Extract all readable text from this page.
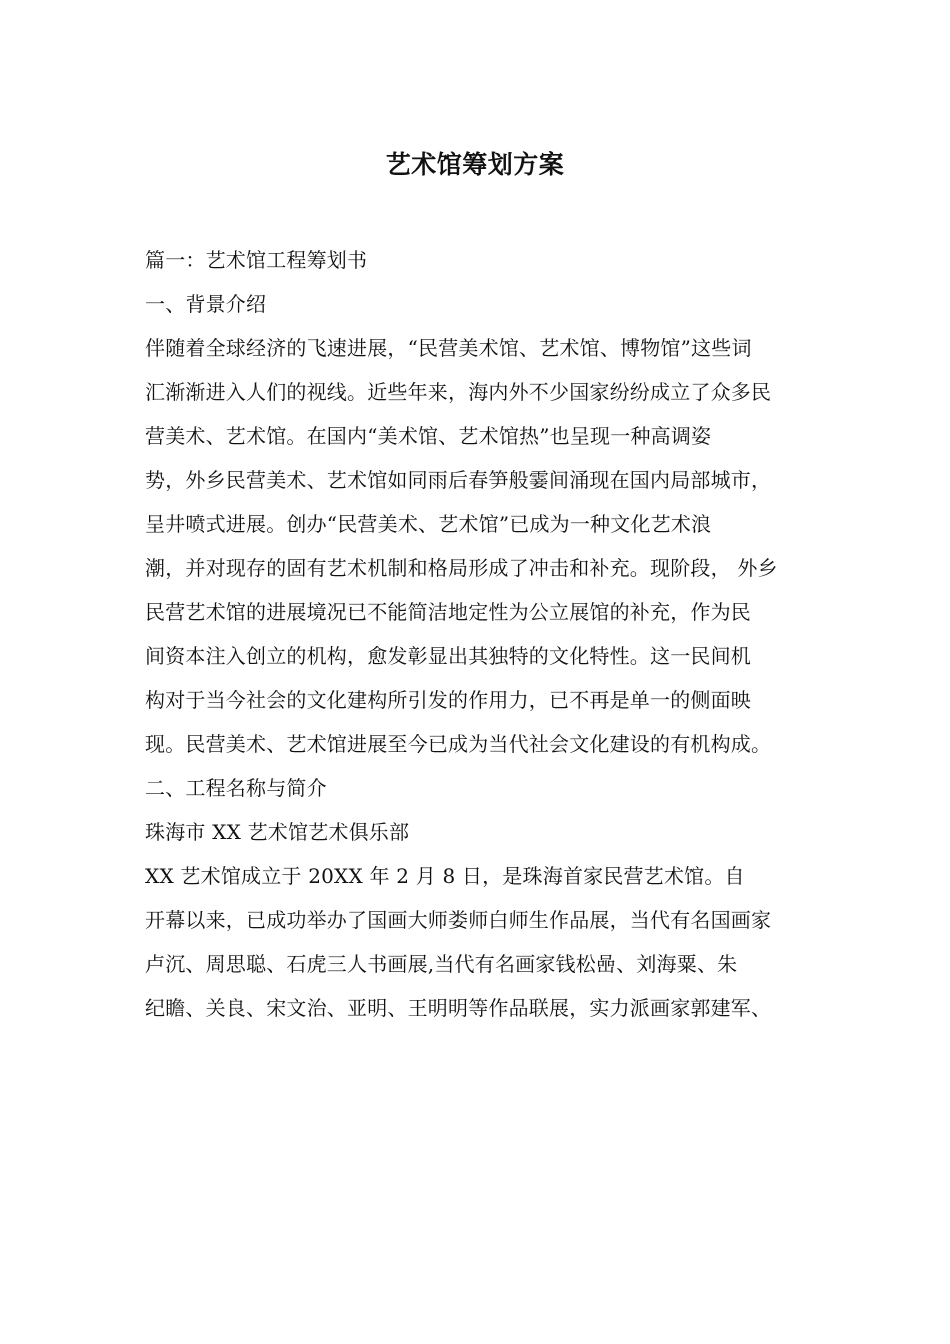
艺术馆筹划方案
篇一：艺术馆工程筹划书
一、背景介绍
伴随着全球经济的飞速进展，“民营美术馆、艺术馆、博物馆”这些词
汇渐渐进入人们的视线。近些年来，海内外不少国家纷纷成立了众多民
营美术、艺术馆。在国内“美术馆、艺术馆热”也呈现一种高调姿
势，外乡民营美术、艺术馆如同雨后春笋般霎间涌现在国内局部城市，
呈井喷式进展。创办“民营美术、艺术馆”已成为一种文化艺术浪
潮，并对现存的固有艺术机制和格局形成了冲击和补充。现阶段， 外乡
民营艺术馆的进展境况已不能简洁地定性为公立展馆的补充，作为民
间资本注入创立的机构，愈发彰显出其独特的文化特性。这一民间机
构对于当今社会的文化建构所引发的作用力，已不再是单一的侧面映
现。民营美术、艺术馆进展至今已成为当代社会文化建设的有机构成。
二、工程名称与简介
珠海市 XX 艺术馆艺术俱乐部
XX 艺术馆成立于 20XX 年 2 月 8 日，是珠海首家民营艺术馆。自
开幕以来，已成功举办了国画大师娄师白师生作品展，当代有名国画家
卢沉、周思聪、石虎三人书画展,当代有名画家钱松喦、刘海粟、朱
纪瞻、关良、宋文治、亚明、王明明等作品联展，实力派画家郭建军、
